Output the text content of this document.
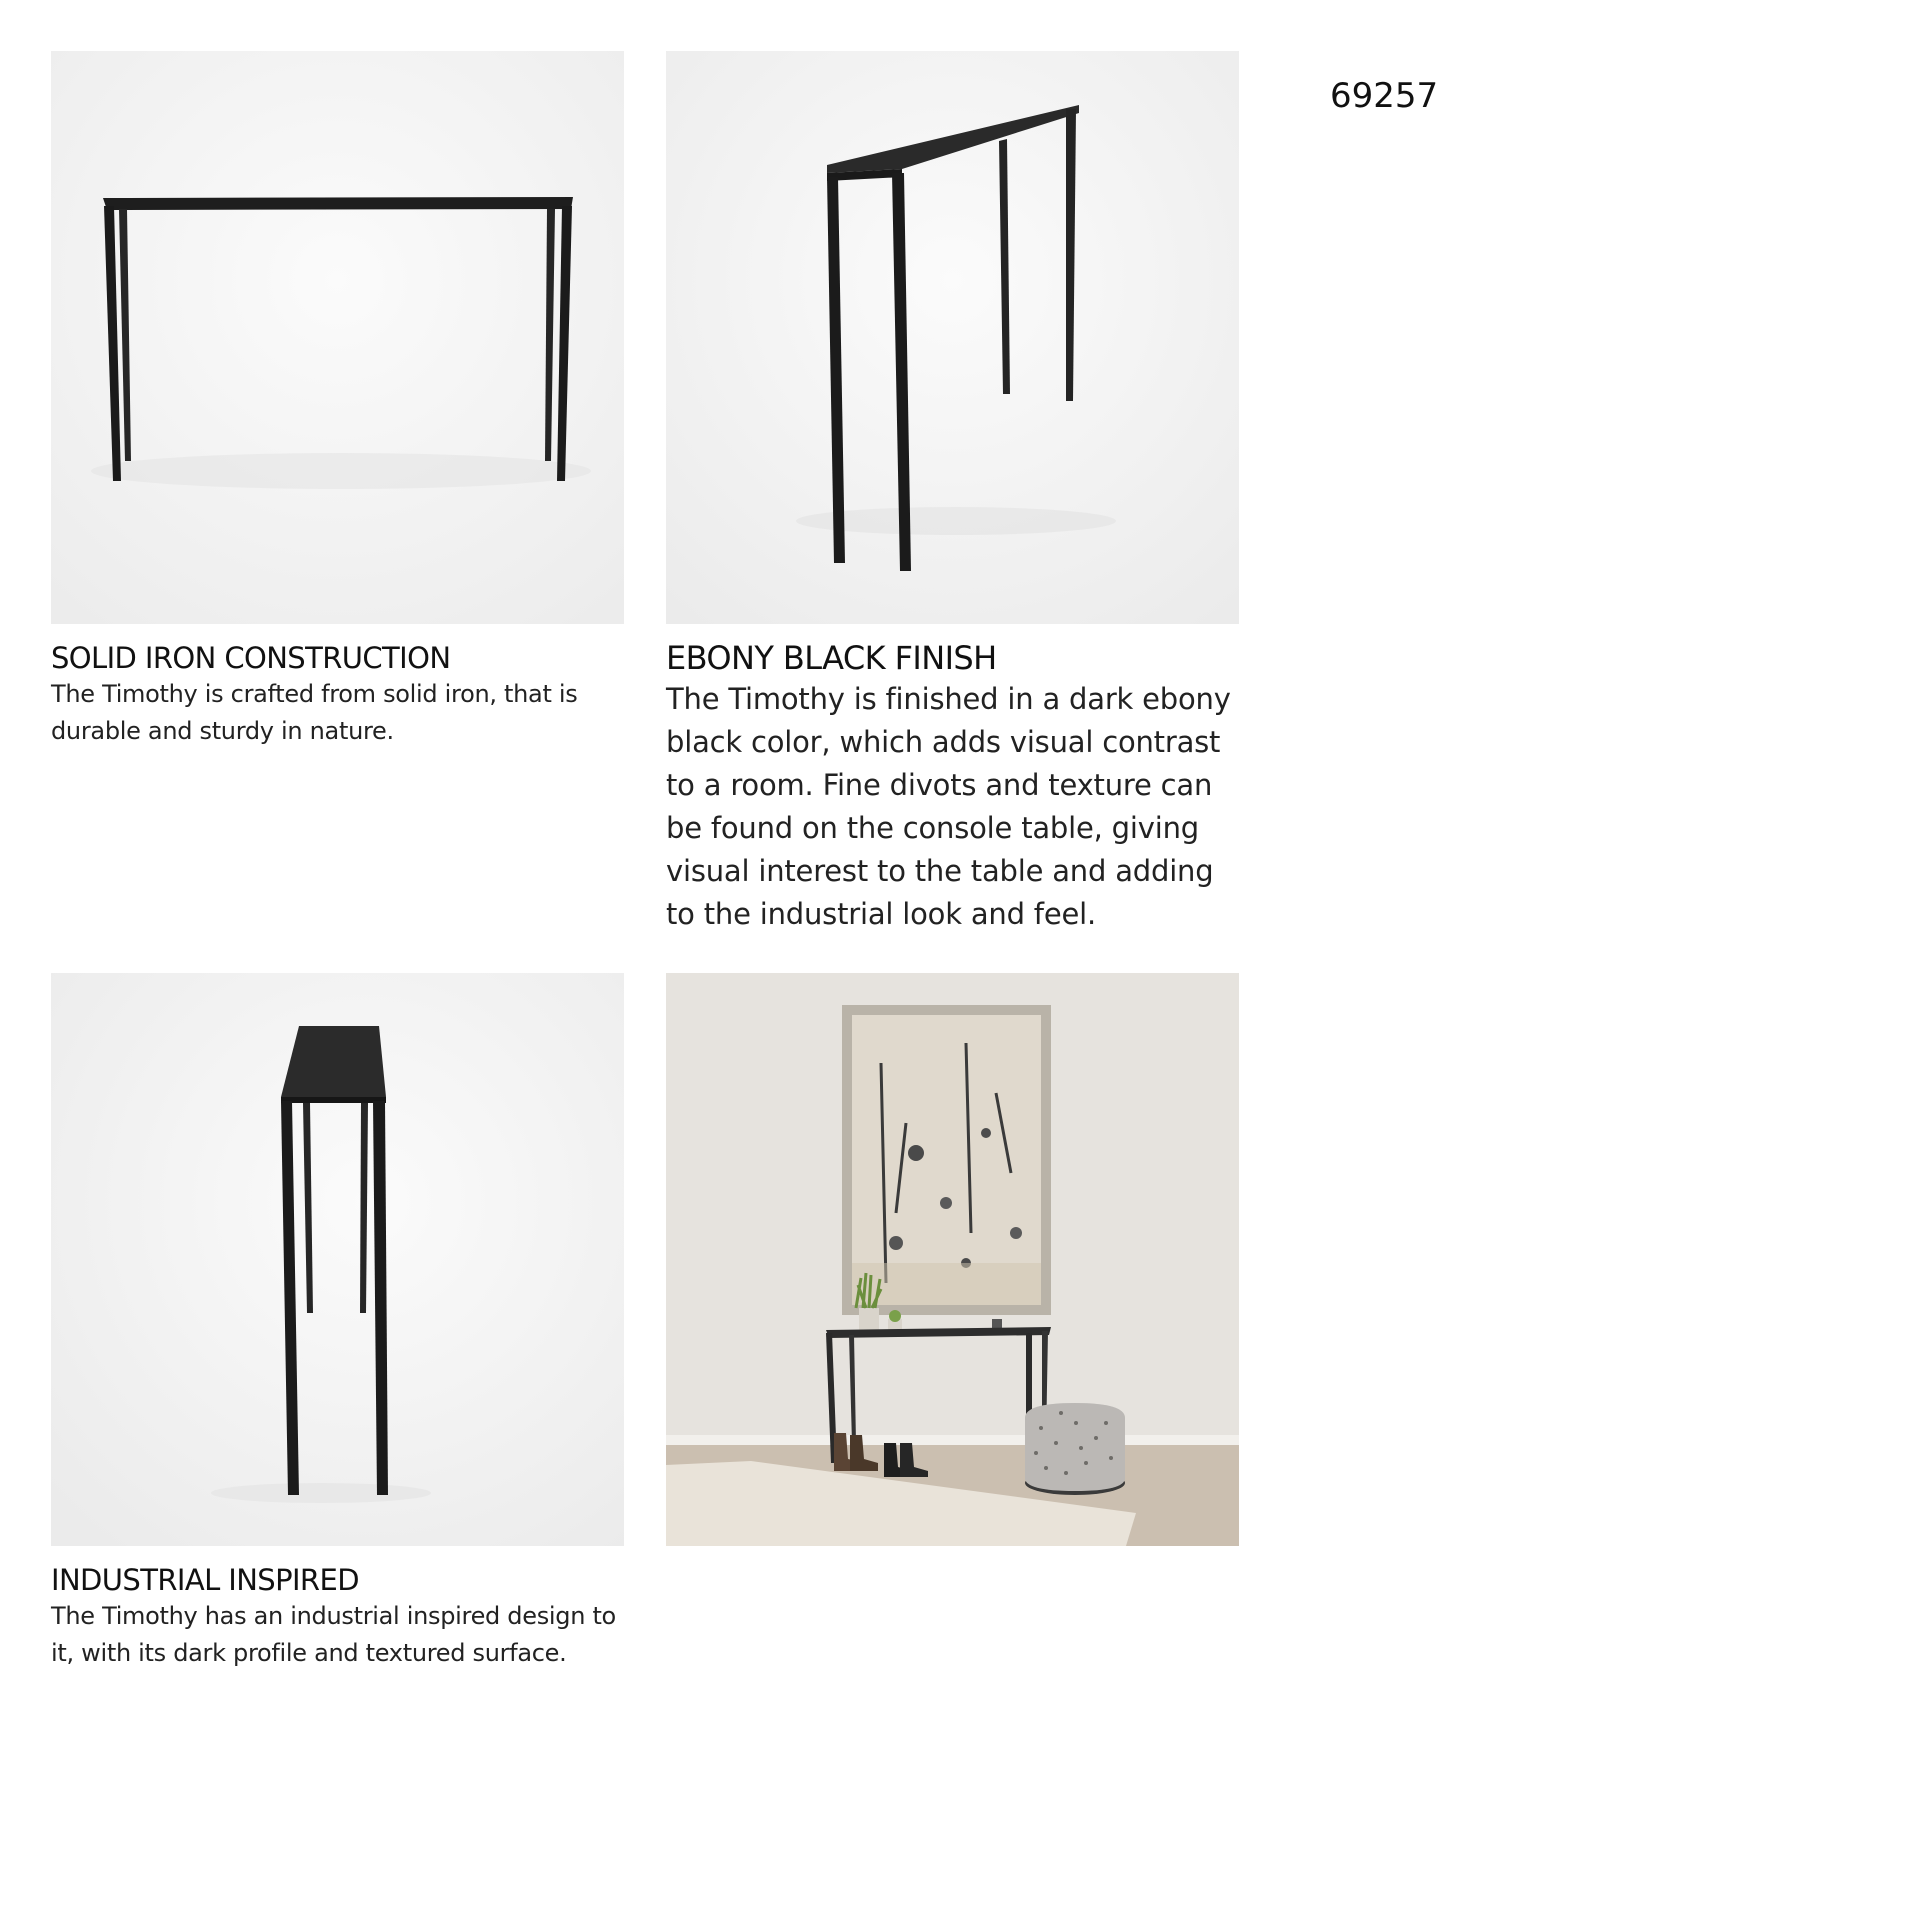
69257
SOLID IRON CONSTRUCTION

The Timothy is crafted from solid iron, that is durable and sturdy in nature.

EBONY BLACK FINISH

The Timothy is finished in a dark ebony black color, which adds visual contrast to a room. Fine divots and texture can be found on the console table, giving visual interest to the table and adding to the industrial look and feel.

INDUSTRIAL INSPIRED

The Timothy has an industrial inspired design to it, with its dark profile and textured surface.
